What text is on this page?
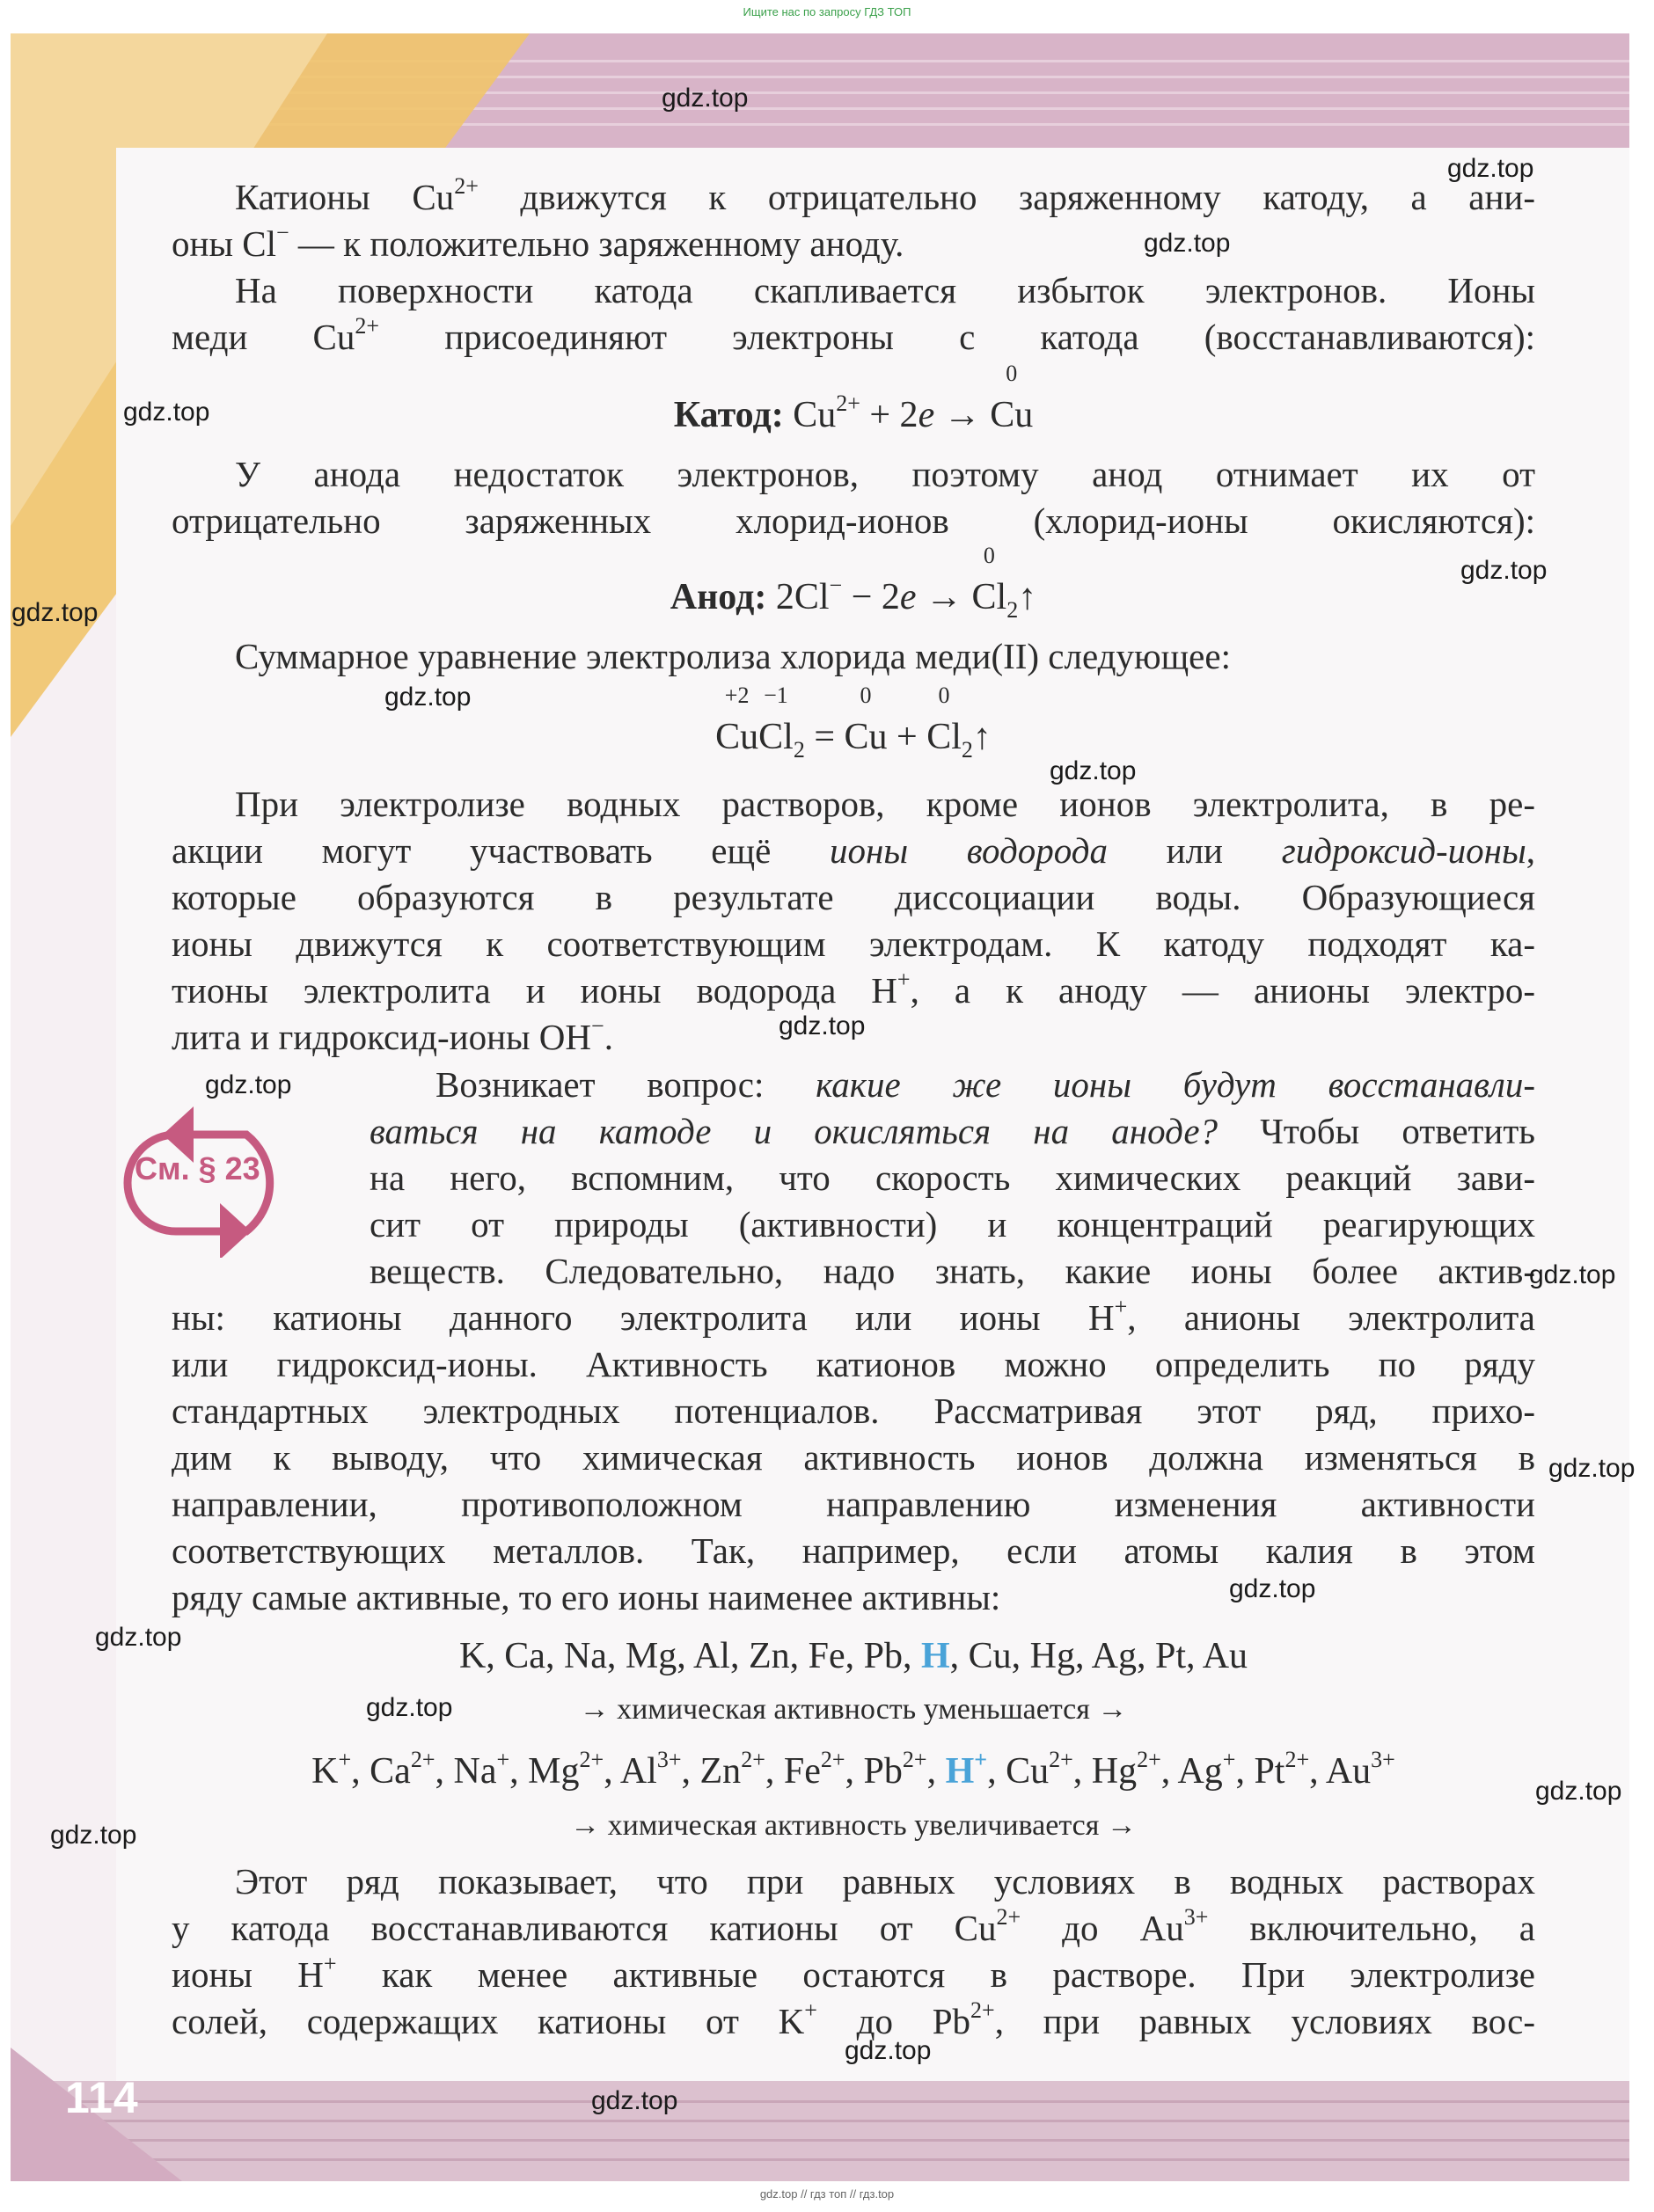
Ищите нас по запросу ГДЗ ТОП
114
Катионы $Cu^{2+}$ движутся к отрицательно заряженному катоду, а ани-
оны Cl− — к положительно заряженному аноду.
На поверхности катода скапливается избыток электронов. Ионы
меди $Cu^{2+}$ присоединяют электроны с катода (восстанавливаются):
Катод: $Cu^{2+} + 2e$ →
0
Cu
У анода недостаток электронов, поэтому анод отнимает их от
отрицательно заряженных хлорид-ионов (хлорид-ионы окисляются):
Анод: 2Cl− − 2e →
0
$Cl_2↑$
Суммарное уравнение электролиза хлорида меди(II) следующее:
+2
Cu
−1
$Cl_2$ =
0
Cu +
0
$Cl_2↑$
При электролизе водных растворов, кроме ионов электролита, в ре-
акции могут участвовать ещё ионы водорода или гидроксид-ионы,
которые образуются в результате диссоциации воды. Образующиеся
ионы движутся к соответствующим электродам. К катоду подходят ка-
тионы электролита и ионы водорода H+, а к аноду — анионы электро-
лита и гидроксид-ионы OH−.
См. § 23
Возникает вопрос: какие же ионы будут восстанавли-
ваться на катоде и окисляться на аноде? Чтобы ответить
на него, вспомним, что скорость химических реакций зави-
сит от природы (активности) и концентраций реагирующих
веществ. Следовательно, надо знать, какие ионы более актив-
ны: катионы данного электролита или ионы H+, анионы электролита
или гидроксид-ионы. Активность катионов можно определить по ряду
стандартных электродных потенциалов. Рассматривая этот ряд, прихо-
дим к выводу, что химическая активность ионов должна изменяться в
направлении, противоположном направлению изменения активности
соответствующих металлов. Так, например, если атомы калия в этом
ряду самые активные, то его ионы наименее активны:
K, Ca, Na, Mg, Al, Zn, Fe, Pb, H, Cu, Hg, Ag, Pt, Au
→ химическая активность уменьшается →
K+, $Ca^{2+}$, Na+, $Mg^{2+}$, $Al^{3+}$, $Zn^{2+}$, $Fe^{2+}$, $Pb^{2+}$, H+, $Cu^{2+}$, $Hg^{2+}$, Ag+, $Pt^{2+}$, $Au^{3+}$
→ химическая активность увеличивается →
Этот ряд показывает, что при равных условиях в водных растворах
у катода восстанавливаются катионы от $Cu^{2+}$ до $Au^{3+}$ включительно, а
ионы H+ как менее активные остаются в растворе. При электролизе
солей, содержащих катионы от K+ до $Pb^{2+}$, при равных условиях вос-
gdz.top
gdz.top
gdz.top
gdz.top
gdz.top
gdz.top
gdz.top
gdz.top
gdz.top
gdz.top
gdz.top
gdz.top
gdz.top
gdz.top
gdz.top
gdz.top
gdz.top
gdz.top
gdz.top
gdz.top // гдз топ // гдз.top
